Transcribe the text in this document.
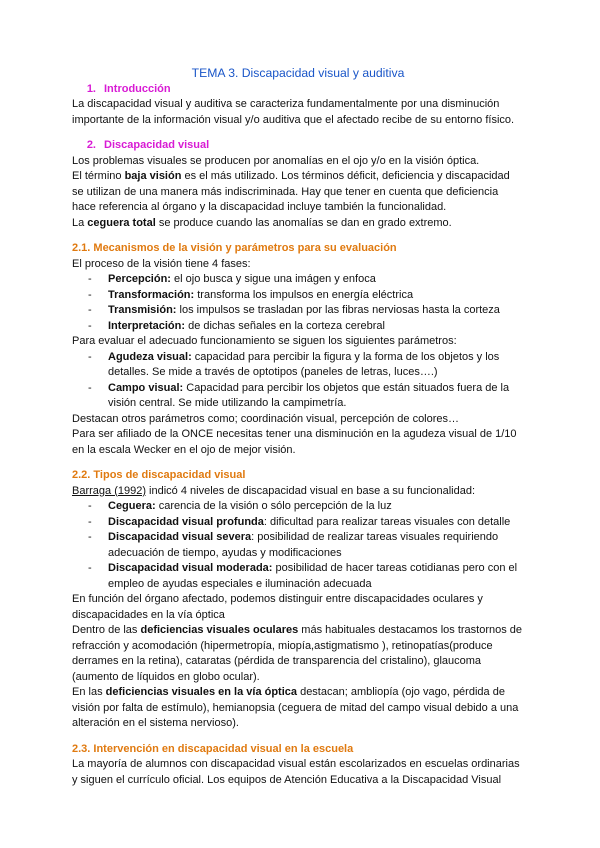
TEMA 3. Discapacidad visual y auditiva
1. Introducción

La discapacidad visual y auditiva se caracteriza fundamentalmente por una disminución importante de la información visual y/o auditiva que el afectado recibe de su entorno físico.

2. Discapacidad visual

Los problemas visuales se producen por anomalías en el ojo y/o en la visión óptica.

El término baja visión es el más utilizado. Los términos déficit, deficiencia y discapacidad se utilizan de una manera más indiscriminada. Hay que tener en cuenta que deficiencia hace referencia al órgano y la discapacidad incluye también la funcionalidad.

La ceguera total se produce cuando las anomalías se dan en grado extremo.

2.1. Mecanismos de la visión y parámetros para su evaluación

El proceso de la visión tiene 4 fases:

- Percepción: el ojo busca y sigue una imágen y enfoca
- Transformación: transforma los impulsos en energía eléctrica
- Transmisión: los impulsos se trasladan por las fibras nerviosas hasta la corteza
- Interpretación: de dichas señales en la corteza cerebral

Para evaluar el adecuado funcionamiento se siguen los siguientes parámetros:

- Agudeza visual: capacidad para percibir la figura y la forma de los objetos y los detalles. Se mide a través de optotipos (paneles de letras, luces….)
- Campo visual: Capacidad para percibir los objetos que están situados fuera de la visión central. Se mide utilizando la campimetría.

Destacan otros parámetros como; coordinación visual, percepción de colores…

Para ser afiliado de la ONCE necesitas tener una disminución en la agudeza visual de 1/10 en la escala Wecker en el ojo de mejor visión.

2.2. Tipos de discapacidad visual

Barraga (1992) indicó 4 niveles de discapacidad visual en base a su funcionalidad:

- Ceguera: carencia de la visión o sólo percepción de la luz
- Discapacidad visual profunda: dificultad para realizar tareas visuales con detalle
- Discapacidad visual severa: posibilidad de realizar tareas visuales requiriendo adecuación de tiempo, ayudas y modificaciones
- Discapacidad visual moderada: posibilidad de hacer tareas cotidianas pero con el empleo de ayudas especiales e iluminación adecuada

En función del órgano afectado, podemos distinguir entre discapacidades oculares y discapacidades en la vía óptica

Dentro de las deficiencias visuales oculares más habituales destacamos los trastornos de refracción y acomodación (hipermetropía, miopía,astigmatismo ), retinopatías(produce derrames en la retina), cataratas (pérdida de transparencia del cristalino), glaucoma (aumento de líquidos en globo ocular).

En las deficiencias visuales en la vía óptica destacan; ambliopía (ojo vago, pérdida de visión por falta de estímulo), hemianopsia (ceguera de mitad del campo visual debido a una alteración en el sistema nervioso).

2.3. Intervención en discapacidad visual en la escuela

La mayoría de alumnos con discapacidad visual están escolarizados en escuelas ordinarias y siguen el currículo oficial. Los equipos de Atención Educativa a la Discapacidad Visual
